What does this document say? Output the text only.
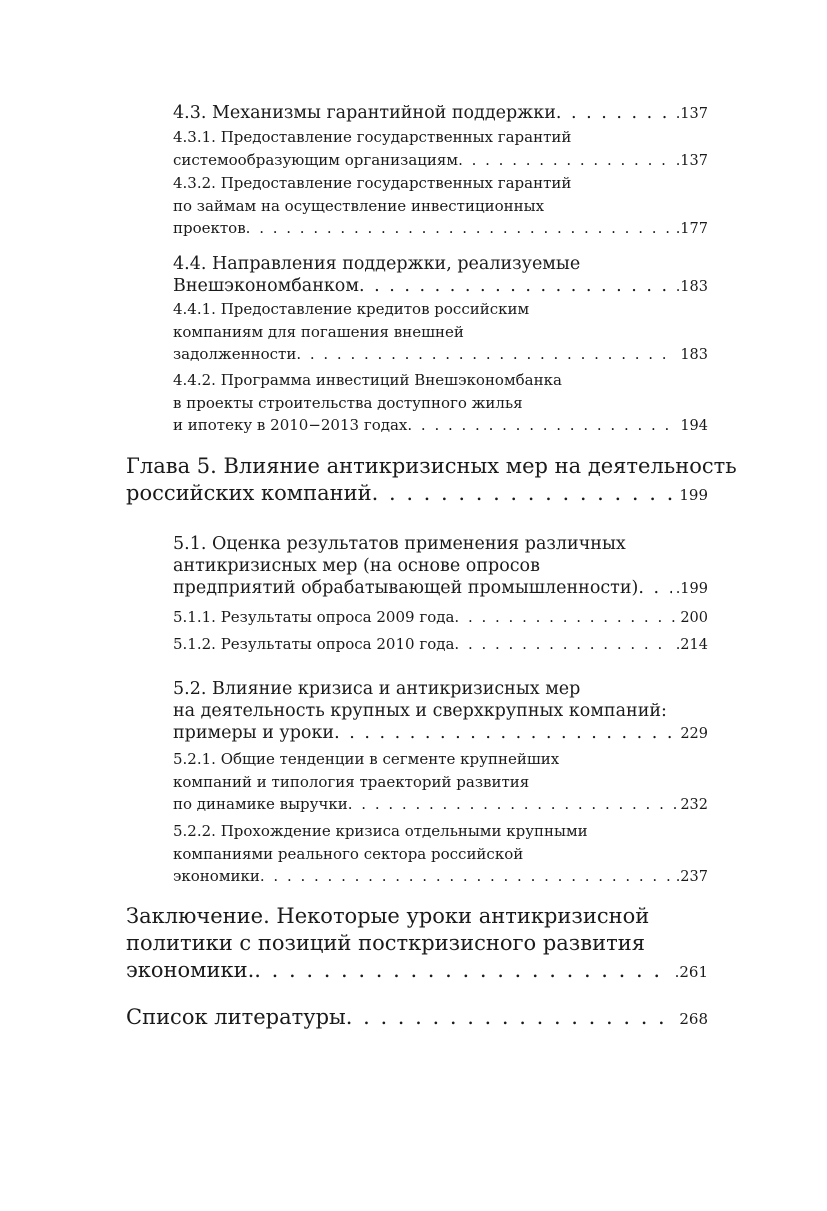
4.3. Механизмы гарантийной поддержки . . .	.137
4.3.1. Предоставление государственных гарантий
системообразующим организациям . . .	.137
4.3.2. Предоставление государственных гарантий
по займам на осуществление инвестиционных
проектов . . .	.177
4.4. Направления поддержки, реализуемые
Внешэкономбанком . . .	.183
4.4.1. Предоставление кредитов российским
компаниям для погашения внешней
задолженности . . .	183
4.4.2. Программа инвестиций Внешэкономбанка
в проекты строительства доступного жилья
и ипотеку в 2010−2013 годах . . .	194
Глава 5. Влияние антикризисных мер на деятельность
российских компаний . . .	199
5.1. Оценка результатов применения различных
антикризисных мер (на основе опросов
предприятий обрабатывающей промышленности) . . .	.199
5.1.1. Результаты опроса 2009 года . . .	200
5.1.2. Результаты опроса 2010 года . . .	.214
5.2. Влияние кризиса и антикризисных мер
на деятельность крупных и сверхкрупных компаний:
примеры и уроки . . .	229
5.2.1. Общие тенденции в сегменте крупнейших
компаний и типология траекторий развития
по динамике выручки . . .	232
5.2.2. Прохождение кризиса отдельными крупными
компаниями реального сектора российской
экономики . . .	.237
Заключение. Некоторые уроки антикризисной
политики с позиций посткризисного развития
экономики. . . .	.261
Список литературы . . .	268
